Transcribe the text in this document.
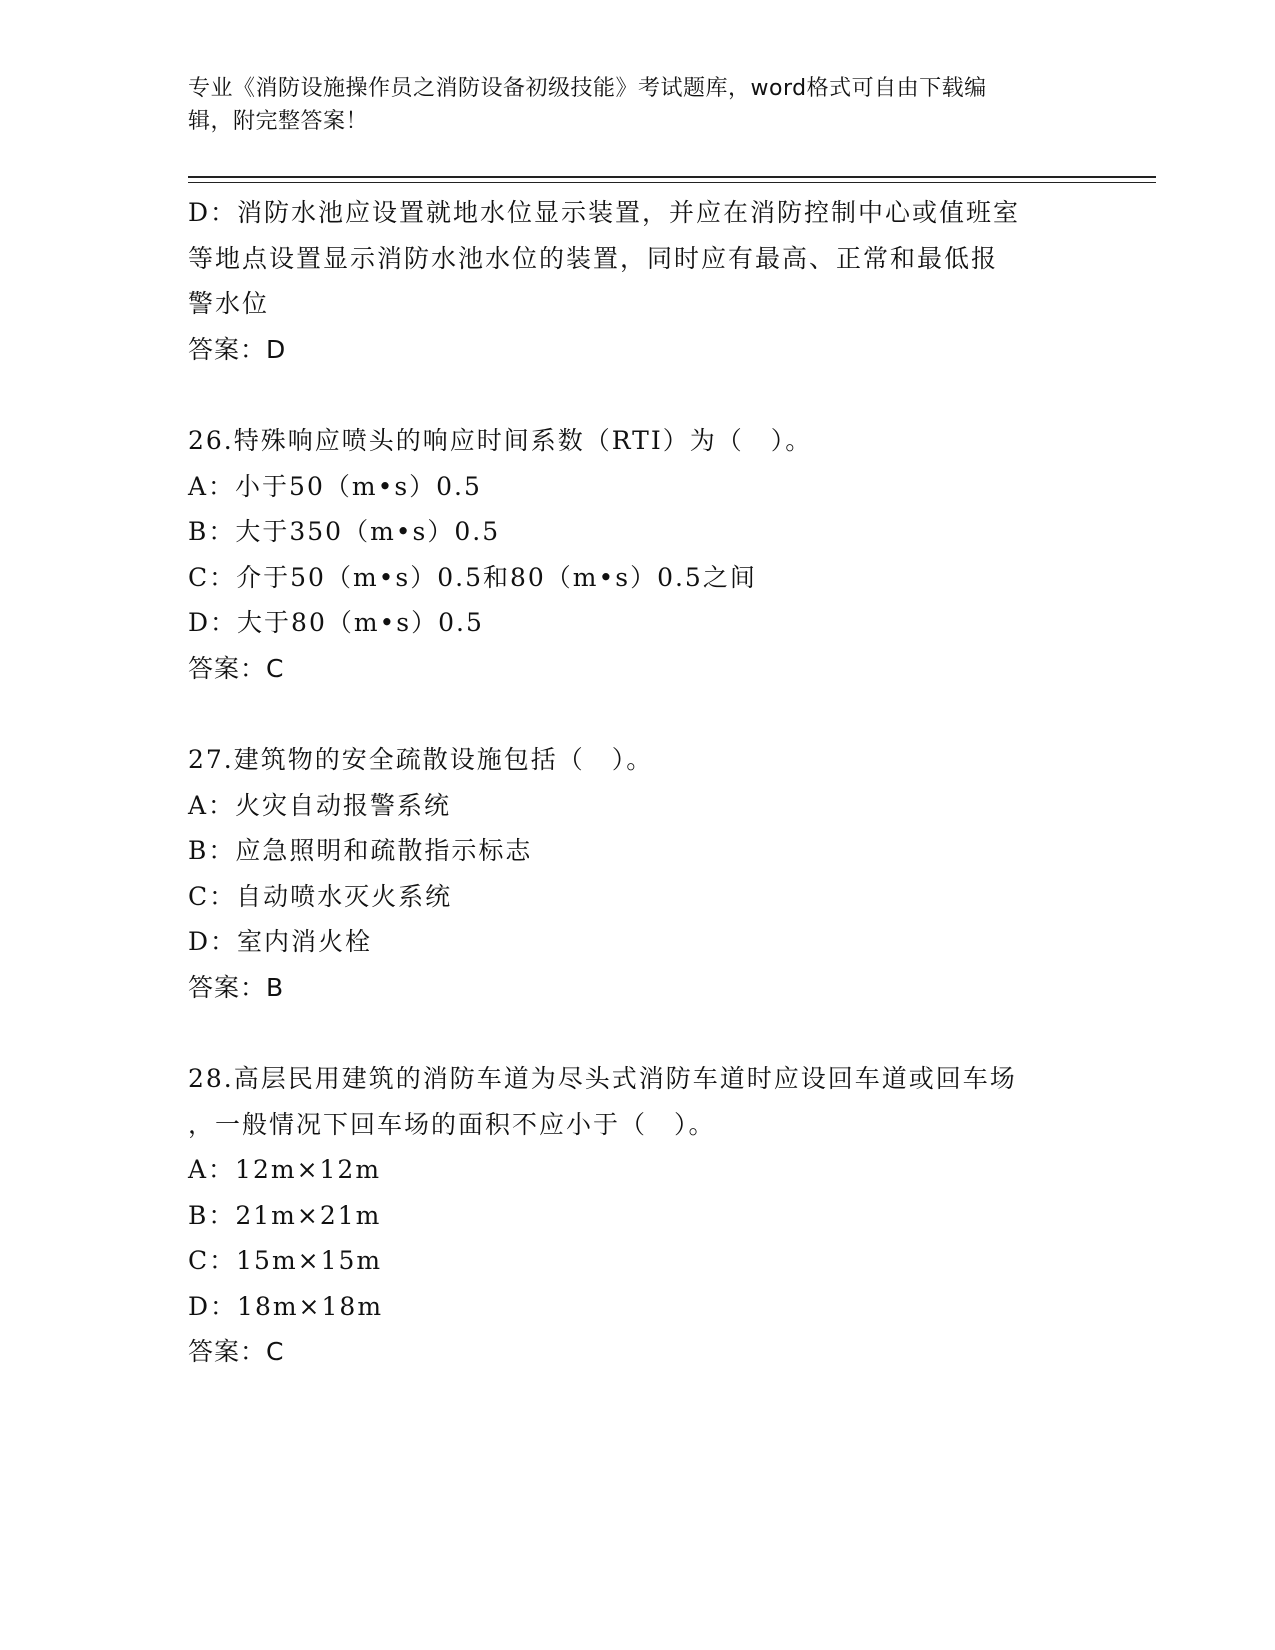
专业《消防设施操作员之消防设备初级技能》考试题库，word格式可自由下载编
辑，附完整答案！
D：消防水池应设置就地水位显示装置，并应在消防控制中心或值班室
等地点设置显示消防水池水位的装置，同时应有最高、正常和最低报
警水位
答案：D
26.特殊响应喷头的响应时间系数（RTI）为（　）。
A：小于50（m•s）0.5
B：大于350（m•s）0.5
C：介于50（m•s）0.5和80（m•s）0.5之间
D：大于80（m•s）0.5
答案：C
27.建筑物的安全疏散设施包括（　）。
A：火灾自动报警系统
B：应急照明和疏散指示标志
C：自动喷水灭火系统
D：室内消火栓
答案：B
28.高层民用建筑的消防车道为尽头式消防车道时应设回车道或回车场
，一般情况下回车场的面积不应小于（　）。
A：12m×12m
B：21m×21m
C：15m×15m
D：18m×18m
答案：C
